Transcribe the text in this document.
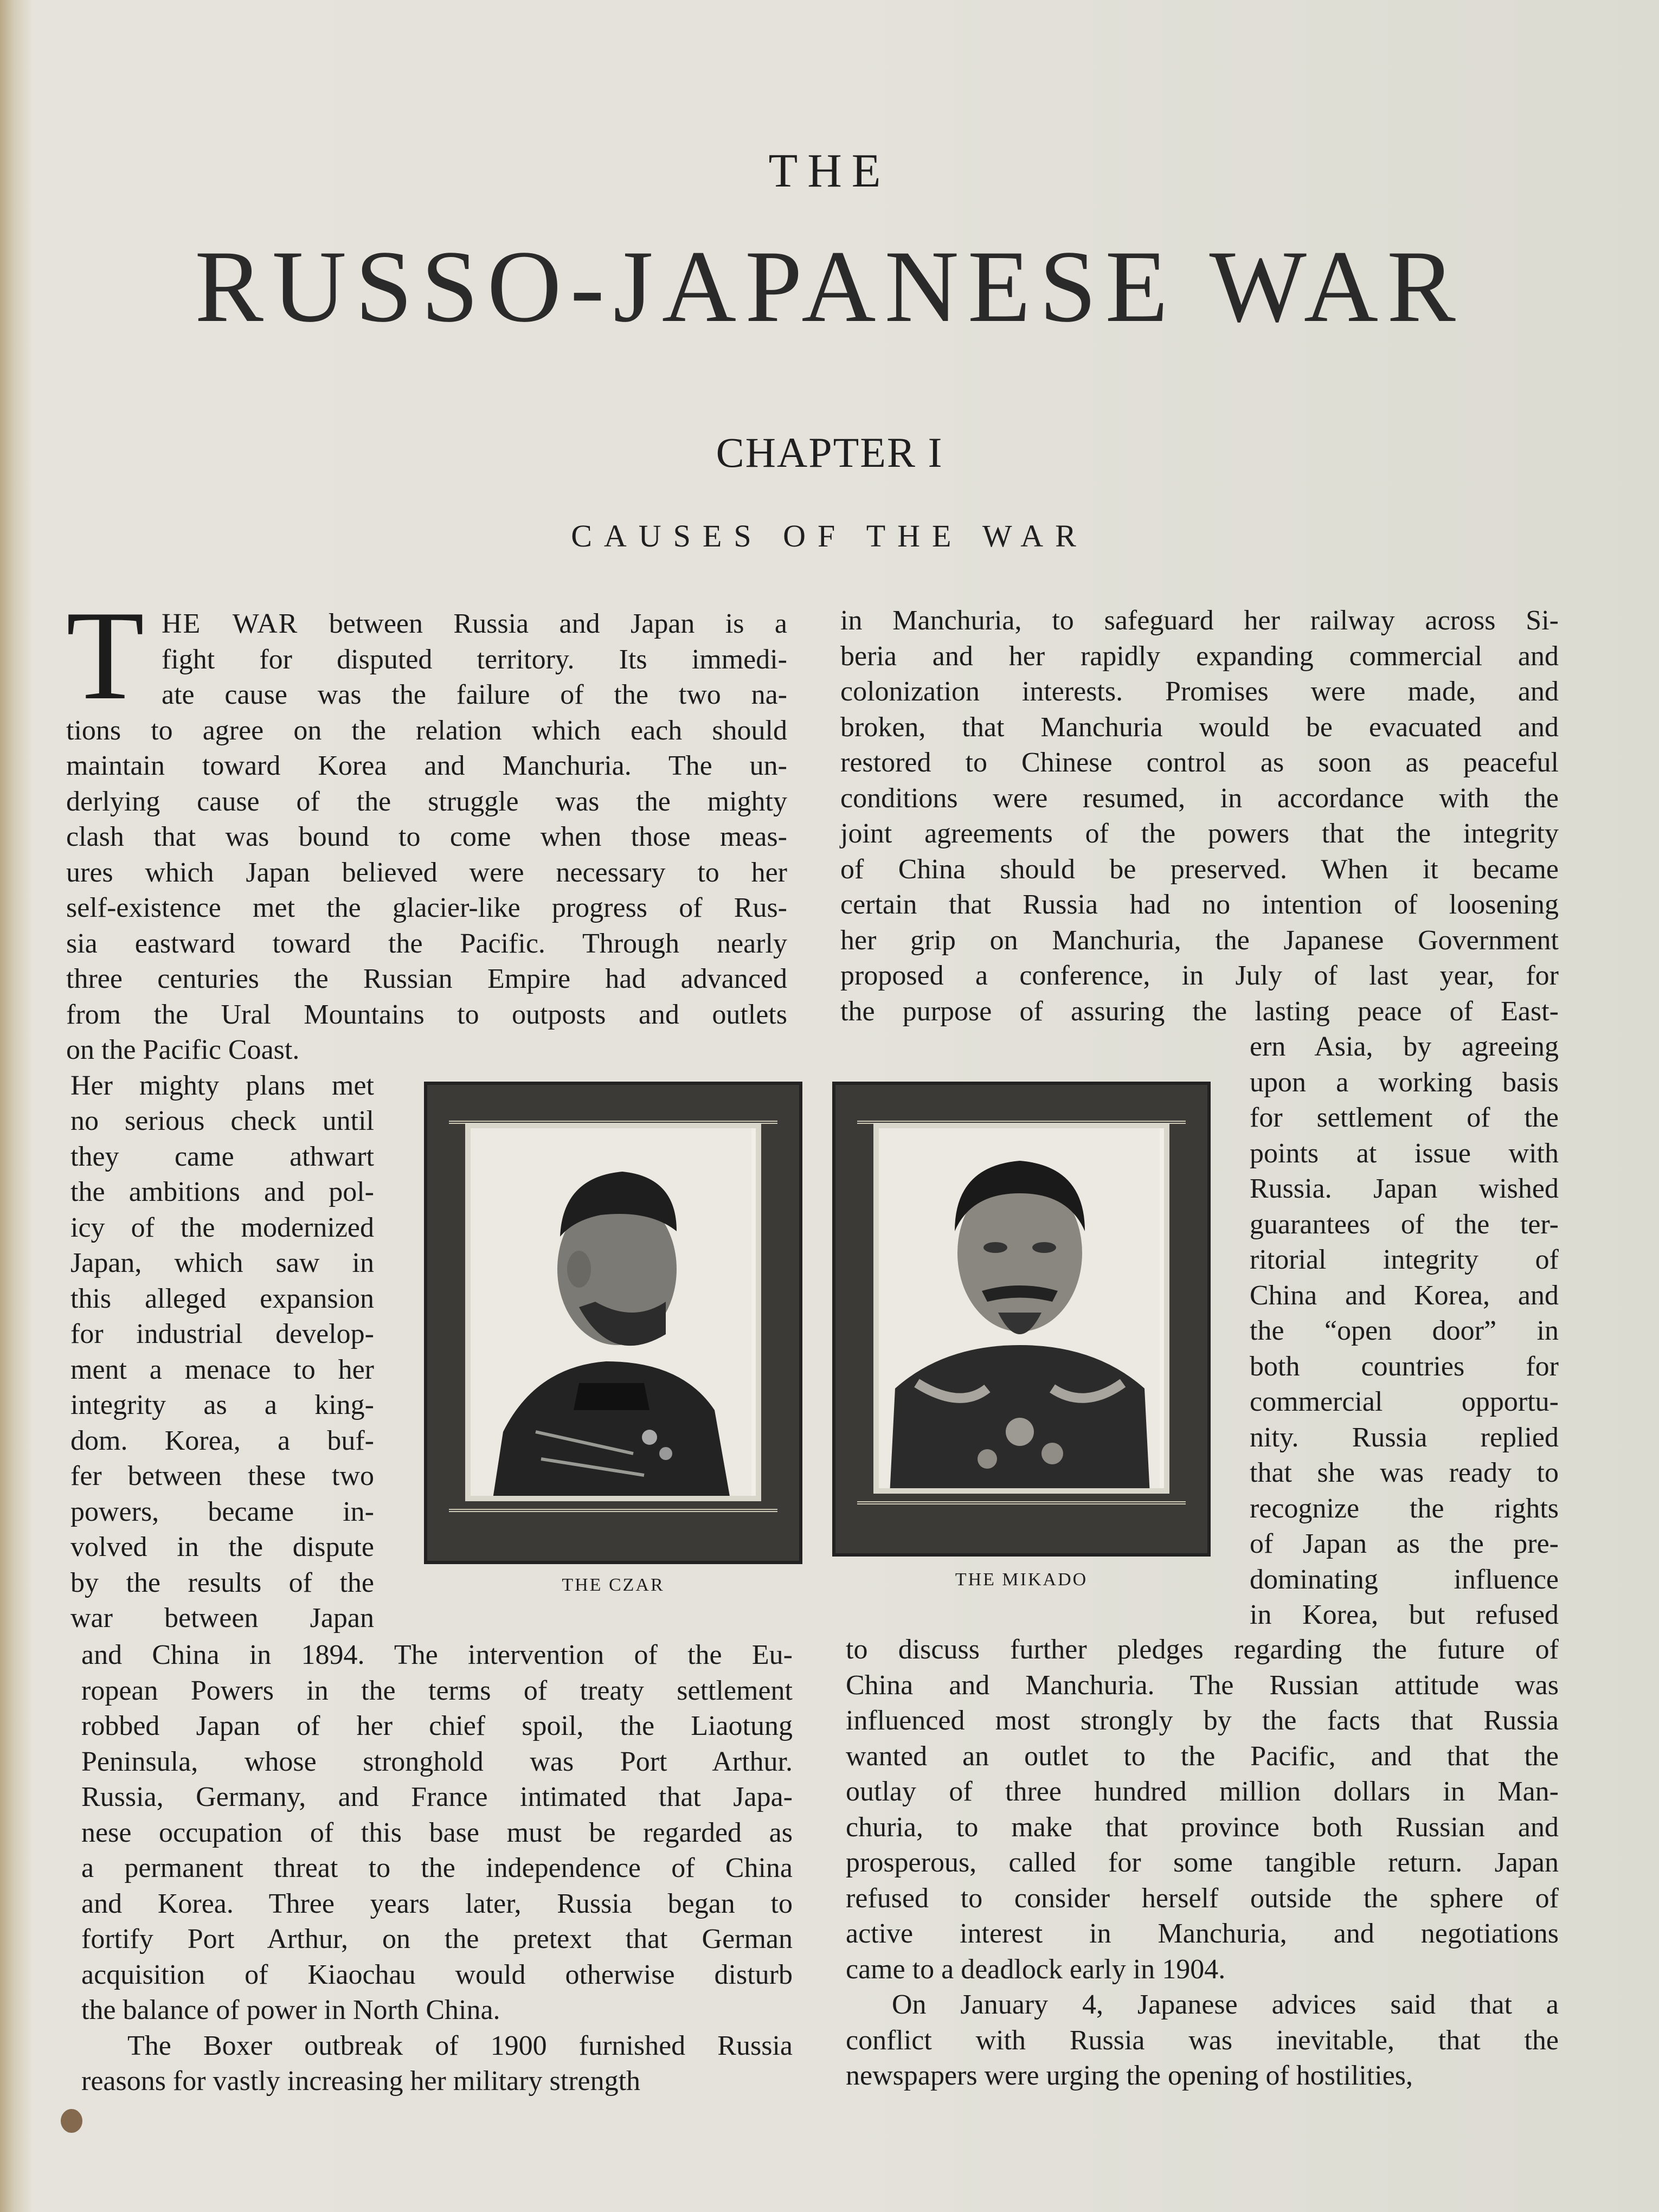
THE
RUSSO-JAPANESE WAR
CHAPTER I
CAUSES OF THE WAR
T HE WAR between Russia and Japan is a
fight for disputed territory. Its immedi-
ate cause was the failure of the two na-
tions to agree on the relation which each should
maintain toward Korea and Manchuria. The un-
derlying cause of the struggle was the mighty
clash that was bound to come when those meas-
ures which Japan believed were necessary to her
self-existence met the glacier-like progress of Rus-
sia eastward toward the Pacific. Through nearly
three centuries the Russian Empire had advanced
from the Ural Mountains to outposts and outlets
on the Pacific Coast.
Her mighty plans met
no serious check until
they came athwart
the ambitions and pol-
icy of the modernized
Japan, which saw in
this alleged expansion
for industrial develop-
ment a menace to her
integrity as a king-
dom. Korea, a buf-
fer between these two
powers, became in-
volved in the dispute
by the results of the
war between Japan
and China in 1894. The intervention of the Eu-
ropean Powers in the terms of treaty settlement
robbed Japan of her chief spoil, the Liaotung
Peninsula, whose stronghold was Port Arthur.
Russia, Germany, and France intimated that Japa-
nese occupation of this base must be regarded as
a permanent threat to the independence of China
and Korea. Three years later, Russia began to
fortify Port Arthur, on the pretext that German
acquisition of Kiaochau would otherwise disturb
the balance of power in North China.
The Boxer outbreak of 1900 furnished Russia
reasons for vastly increasing her military strength
in Manchuria, to safeguard her railway across Si-
beria and her rapidly expanding commercial and
colonization interests. Promises were made, and
broken, that Manchuria would be evacuated and
restored to Chinese control as soon as peaceful
conditions were resumed, in accordance with the
joint agreements of the powers that the integrity
of China should be preserved. When it became
certain that Russia had no intention of loosening
her grip on Manchuria, the Japanese Government
proposed a conference, in July of last year, for
the purpose of assuring the lasting peace of East-
ern Asia, by agreeing
upon a working basis
for settlement of the
points at issue with
Russia. Japan wished
guarantees of the ter-
ritorial integrity of
China and Korea, and
the “open door” in
both countries for
commercial opportu-
nity. Russia replied
that she was ready to
recognize the rights
of Japan as the pre-
dominating influence
in Korea, but refused
to discuss further pledges regarding the future of
China and Manchuria. The Russian attitude was
influenced most strongly by the facts that Russia
wanted an outlet to the Pacific, and that the
outlay of three hundred million dollars in Man-
churia, to make that province both Russian and
prosperous, called for some tangible return. Japan
refused to consider herself outside the sphere of
active interest in Manchuria, and negotiations
came to a deadlock early in 1904.
On January 4, Japanese advices said that a
conflict with Russia was inevitable, that the
newspapers were urging the opening of hostilities,
THE CZAR	THE MIKADO
